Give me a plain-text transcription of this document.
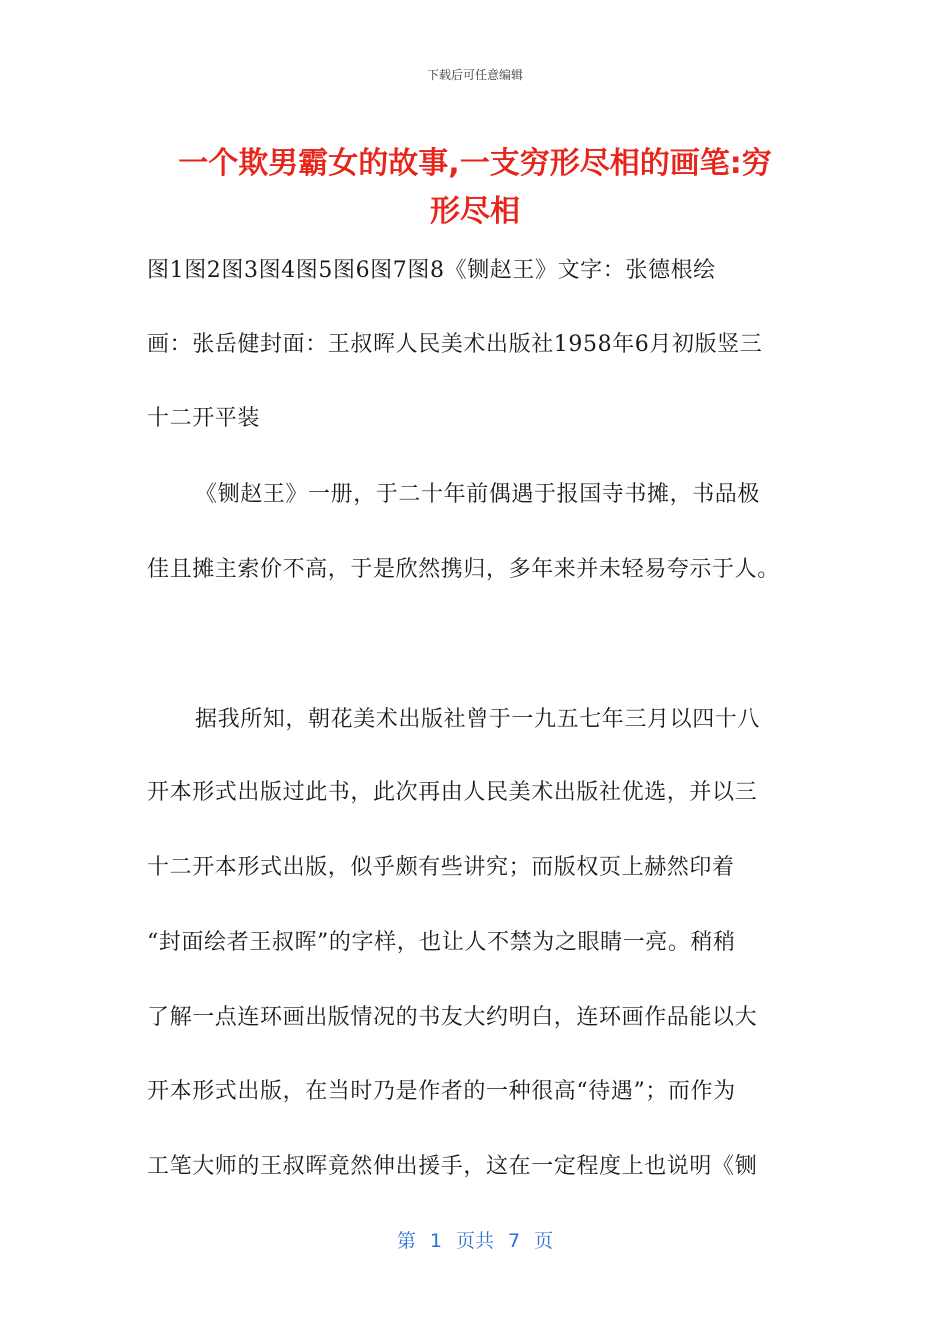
下载后可任意编辑
一个欺男霸女的故事,一支穷形尽相的画笔:穷
形尽相
图1图2图3图4图5图6图7图8《铡赵王》文字：张德根绘
画：张岳健封面：王叔晖人民美术出版社1958年6月初版竖三
十二开平装
《铡赵王》一册，于二十年前偶遇于报国寺书摊，书品极
佳且摊主索价不高，于是欣然携归，多年来并未轻易夸示于人。
据我所知，朝花美术出版社曾于一九五七年三月以四十八
开本形式出版过此书，此次再由人民美术出版社优选，并以三
十二开本形式出版，似乎颇有些讲究；而版权页上赫然印着
“封面绘者王叔晖”的字样，也让人不禁为之眼睛一亮。稍稍
了解一点连环画出版情况的书友大约明白，连环画作品能以大
开本形式出版，在当时乃是作者的一种很高“待遇”；而作为
工笔大师的王叔晖竟然伸出援手，这在一定程度上也说明《铡
第 1 页共 7 页
